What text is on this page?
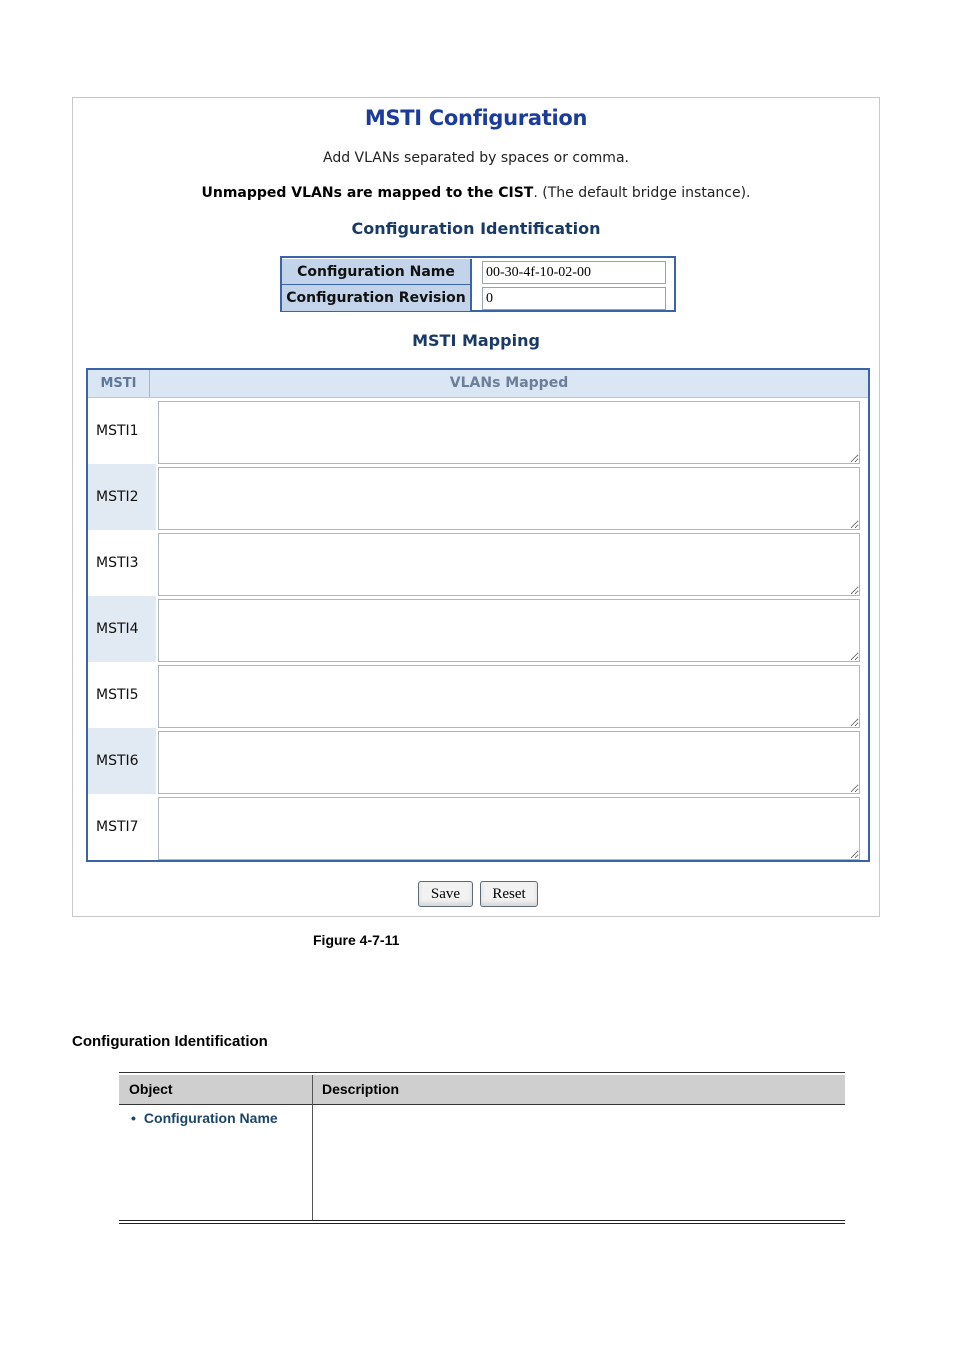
MSTI Configuration
Add VLANs separated by spaces or comma.
Unmapped VLANs are mapped to the CIST. (The default bridge instance).
Configuration Identification
Configuration Name
00-30-4f-10-02-00
Configuration Revision
0
MSTI Mapping
MSTI	VLANs Mapped
MSTI1
MSTI2
MSTI3
MSTI4
MSTI5
MSTI6
MSTI7
Save	Reset
Figure 4-7-11
Configuration Identification
Object	Description
• Configuration Name
